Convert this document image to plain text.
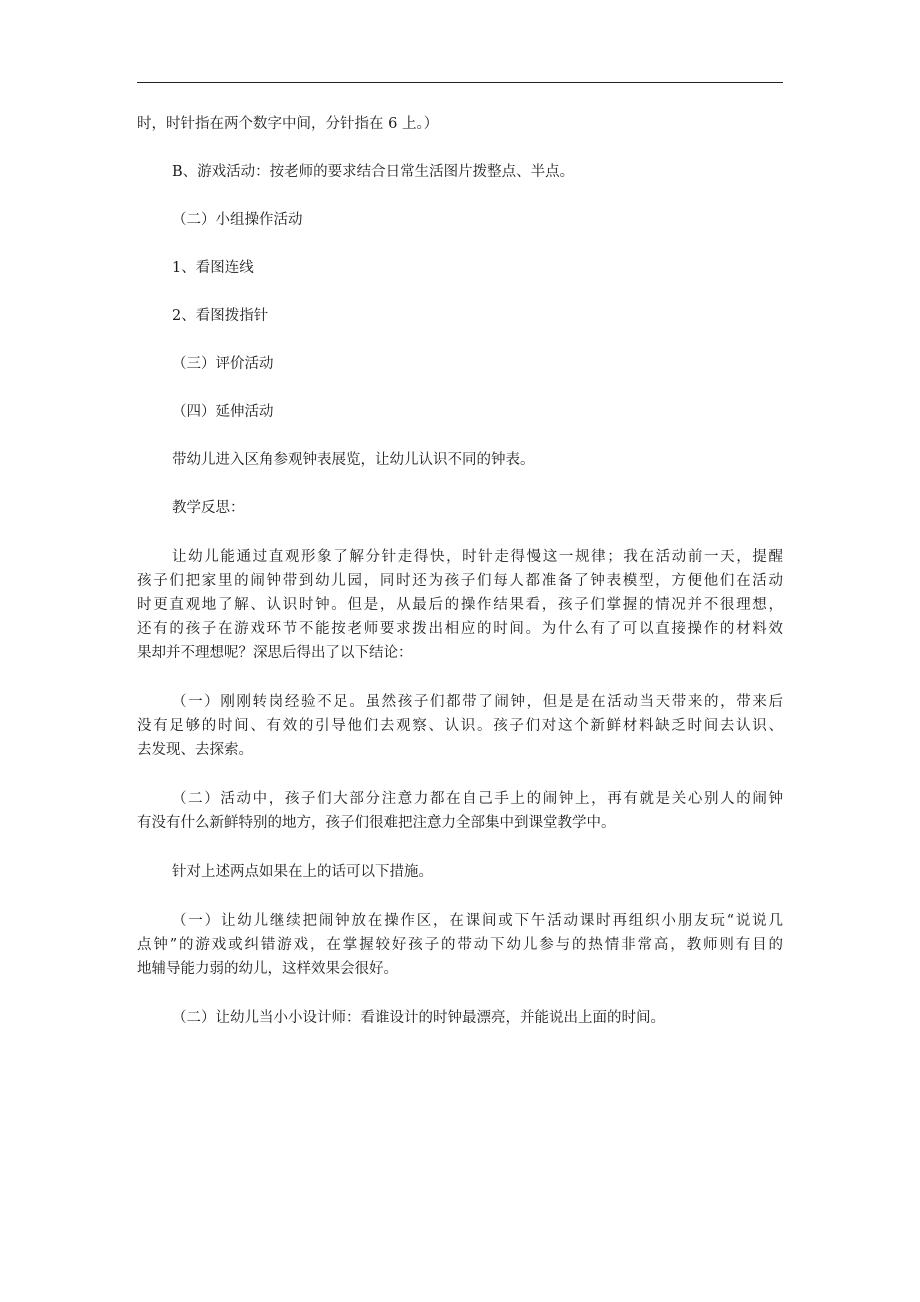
时，时针指在两个数字中间，分针指在 6 上。）

B、游戏活动：按老师的要求结合日常生活图片拨整点、半点。

（二）小组操作活动

1、看图连线

2、看图拨指针

（三）评价活动

（四）延伸活动

带幼儿进入区角参观钟表展览，让幼儿认识不同的钟表。

教学反思：

让幼儿能通过直观形象了解分针走得快，时针走得慢这一规律；我在活动前一天，提醒
孩子们把家里的闹钟带到幼儿园，同时还为孩子们每人都准备了钟表模型，方便他们在活动
时更直观地了解、认识时钟。但是，从最后的操作结果看，孩子们掌握的情况并不很理想，
还有的孩子在游戏环节不能按老师要求拨出相应的时间。为什么有了可以直接操作的材料效
果却并不理想呢？深思后得出了以下结论：
（一）刚刚转岗经验不足。虽然孩子们都带了闹钟，但是是在活动当天带来的，带来后
没有足够的时间、有效的引导他们去观察、认识。孩子们对这个新鲜材料缺乏时间去认识、
去发现、去探索。
（二）活动中，孩子们大部分注意力都在自己手上的闹钟上，再有就是关心别人的闹钟
有没有什么新鲜特别的地方，孩子们很难把注意力全部集中到课堂教学中。

针对上述两点如果在上的话可以下措施。

（一）让幼儿继续把闹钟放在操作区，在课间或下午活动课时再组织小朋友玩“说说几
点钟”的游戏或纠错游戏，在掌握较好孩子的带动下幼儿参与的热情非常高，教师则有目的
地辅导能力弱的幼儿，这样效果会很好。

（二）让幼儿当小小设计师：看谁设计的时钟最漂亮，并能说出上面的时间。
